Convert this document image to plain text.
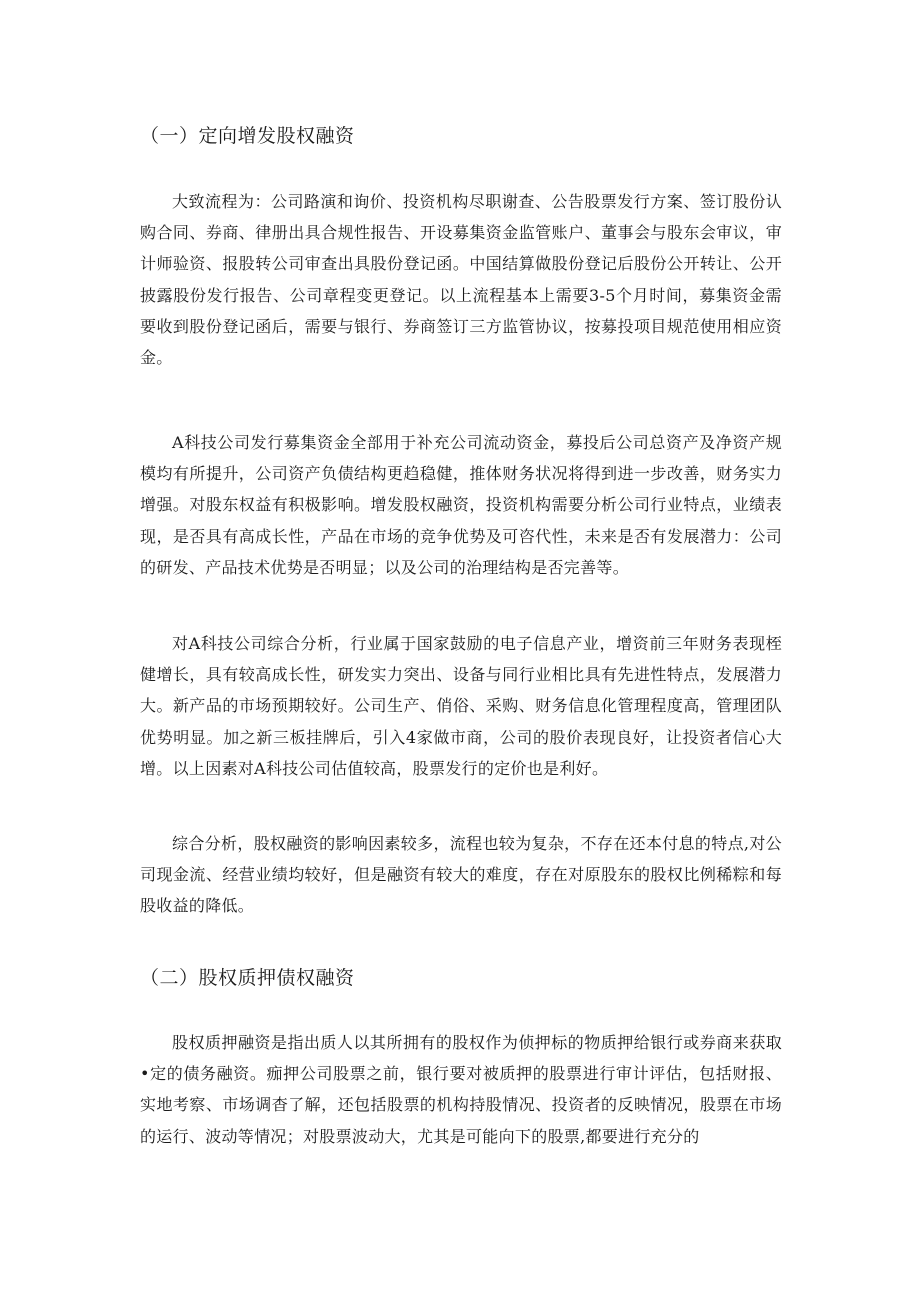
（一）定向增发股权融资

大致流程为：公司路演和询价、投资机构尽职谢查、公告股票发行方案、签订股份认购合同、券商、律册出具合规性报告、开设募集资金监管账户、董事会与股东会审议，审计师验资、报股转公司审查出具股份登记函。中国结算做股份登记后股份公开转让、公开披露股份发行报告、公司章程变更登记。以上流程基本上需要3-5个月时间，募集资金需要收到股份登记函后，需要与银行、券商签订三方监管协议，按募投项目规范使用相应资金。

A科技公司发行募集资金全部用于补充公司流动资金，募投后公司总资产及净资产规模均有所提升，公司资产负债结构更趋稳健，推体财务状况将得到进一步改善，财务实力增强。对股东权益有积极影响。增发股权融资，投资机构需要分析公司行业特点，业绩表现，是否具有高成长性，产品在市场的竞争优势及可咨代性，未来是否有发展潜力：公司的研发、产品技术优势是否明显；以及公司的治理结构是否完善等。

对A科技公司综合分析，行业属于国家鼓励的电子信息产业，增资前三年财务表现桎健增长，具有较高成长性，研发实力突出、设备与同行业相比具有先进性特点，发展潜力大。新产品的市场预期较好。公司生产、俏俗、采购、财务信息化管理程度高，管理团队优势明显。加之新三板挂牌后，引入4家做市商，公司的股价表现良好，让投资者信心大增。以上因素对A科技公司估值较高，股票发行的定价也是利好。

综合分析，股权融资的影响因素较多，流程也较为复杂，不存在还本付息的特点,对公司现金流、经营业绩均较好，但是融资有较大的难度，存在对原股东的股权比例稀粽和每股收益的降低。

（二）股权质押债权融资

股权质押融资是指出质人以其所拥有的股权作为侦押标的物质押给银行或券商来获取•定的债务融资。痂押公司股票之前，银行要对被质押的股票进行审计评估，包括财报、实地考察、市场调杳了解，还包括股票的机构持股情况、投资者的反映情况，股票在市场的运行、波动等情况；对股票波动大，尤其是可能向下的股票,都要进行充分的
